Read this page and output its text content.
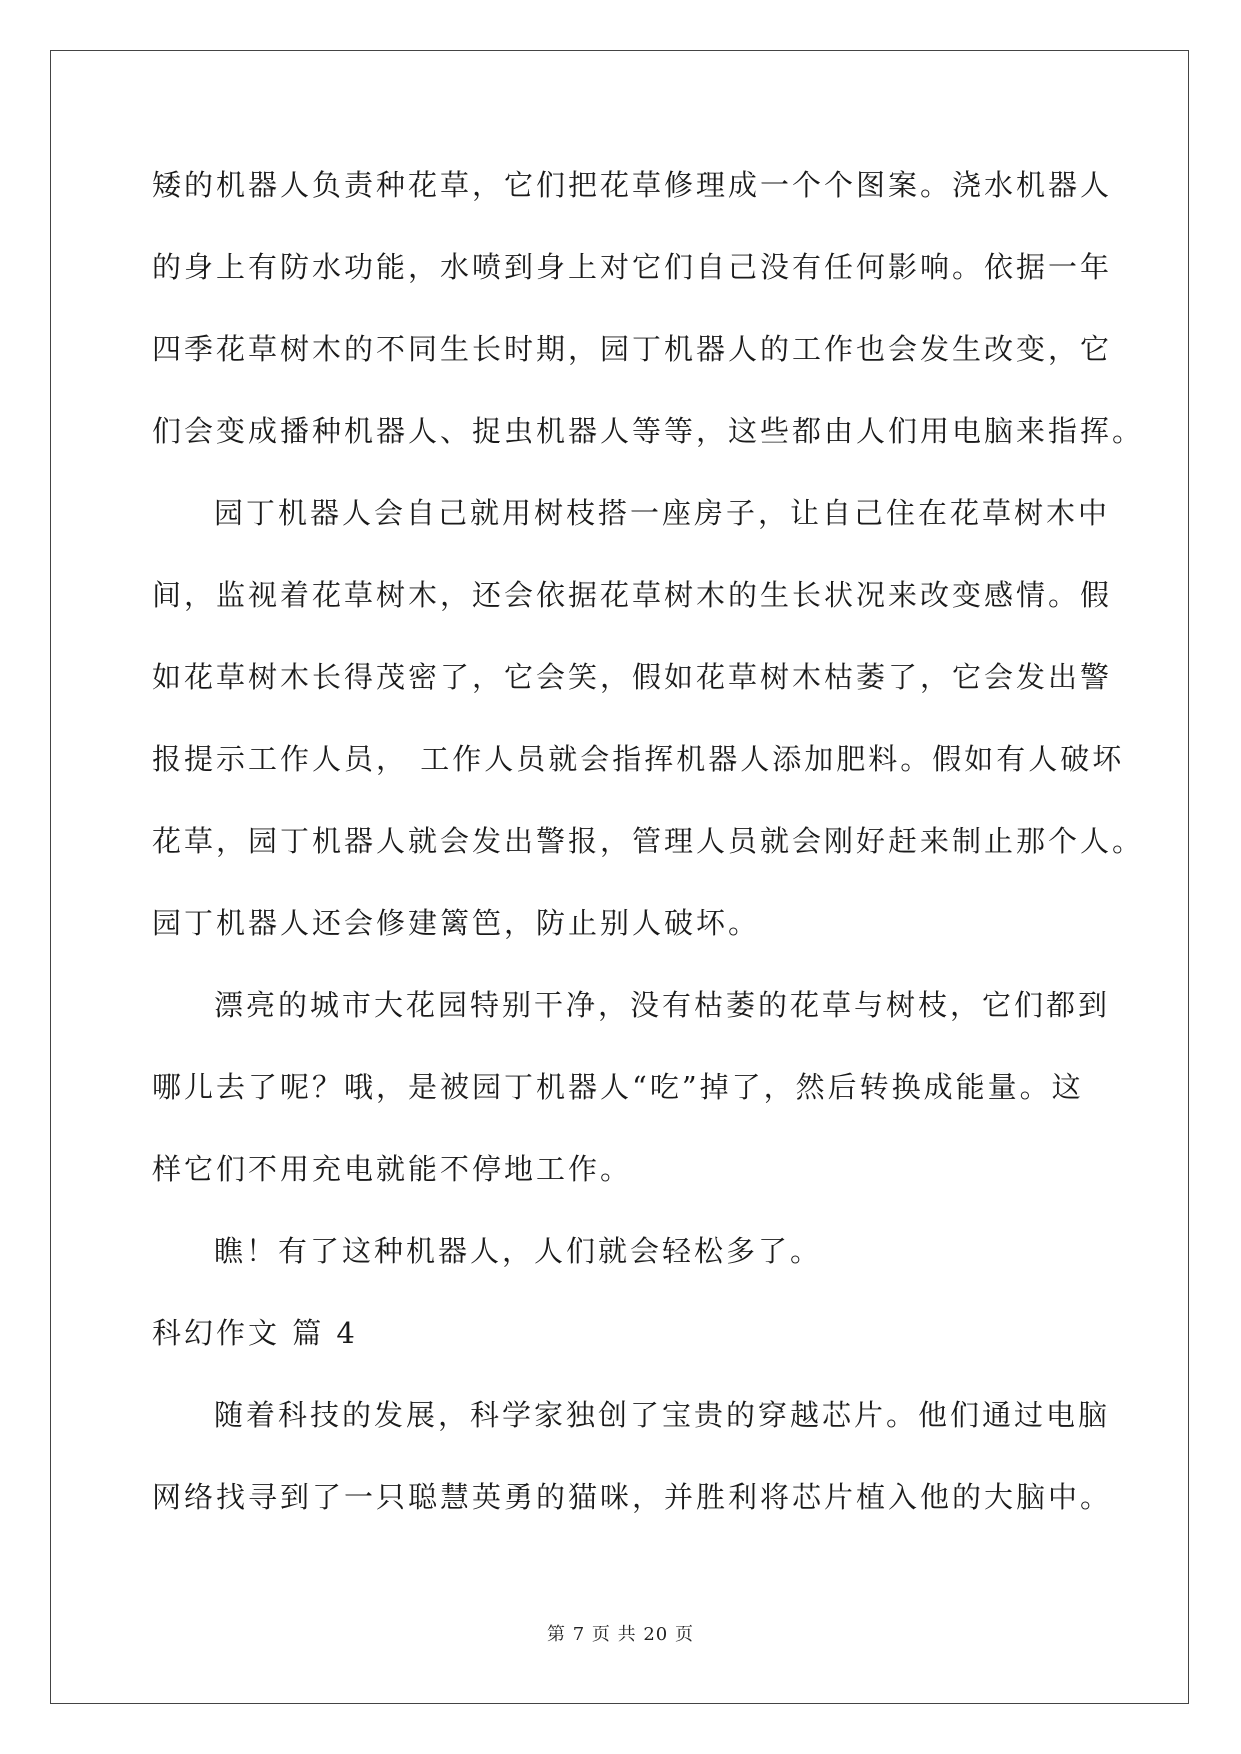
矮的机器人负责种花草，它们把花草修理成一个个图案。浇水机器人
的身上有防水功能，水喷到身上对它们自己没有任何影响。依据一年
四季花草树木的不同生长时期，园丁机器人的工作也会发生改变，它
们会变成播种机器人、捉虫机器人等等，这些都由人们用电脑来指挥。
园丁机器人会自己就用树枝搭一座房子，让自己住在花草树木中
间，监视着花草树木，还会依据花草树木的生长状况来改变感情。假
如花草树木长得茂密了，它会笑，假如花草树木枯萎了，它会发出警
报提示工作人员， 工作人员就会指挥机器人添加肥料。假如有人破坏
花草，园丁机器人就会发出警报，管理人员就会刚好赶来制止那个人。
园丁机器人还会修建篱笆，防止别人破坏。
漂亮的城市大花园特别干净，没有枯萎的花草与树枝，它们都到
哪儿去了呢？哦，是被园丁机器人“吃”掉了，然后转换成能量。这
样它们不用充电就能不停地工作。
瞧！有了这种机器人，人们就会轻松多了。
科幻作文 篇 4
随着科技的发展，科学家独创了宝贵的穿越芯片。他们通过电脑
网络找寻到了一只聪慧英勇的猫咪，并胜利将芯片植入他的大脑中。
第 7 页 共 20 页
